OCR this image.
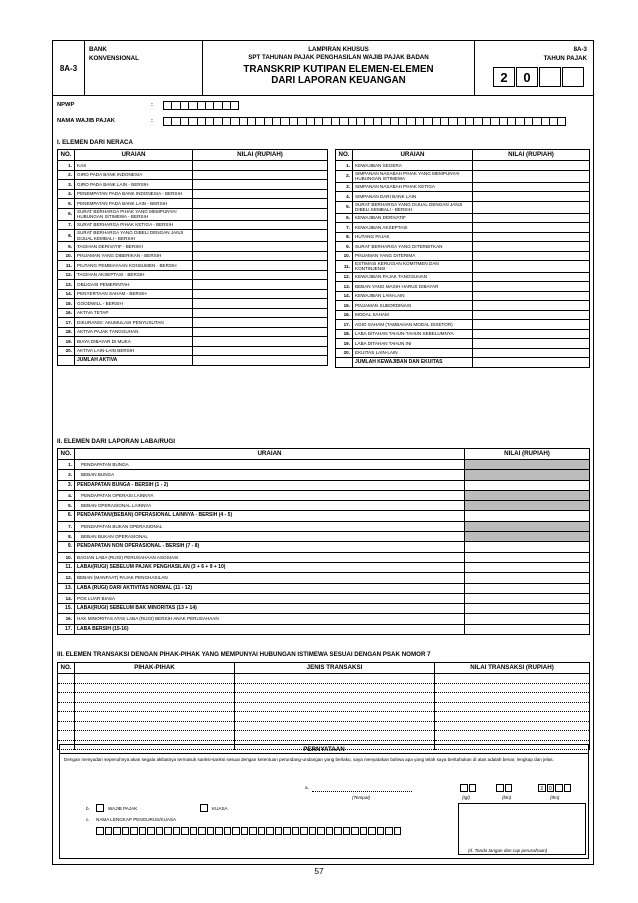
8A-3
BANK
KONVENSIONAL
LAMPIRAN KHUSUS
SPT TAHUNAN PAJAK PENGHASILAN WAJIB PAJAK BADAN
TRANSKRIP KUTIPAN ELEMEN-ELEMEN
DARI LAPORAN KEUANGAN
8A-3
TAHUN PAJAK
2	0
NPWP	:
NAMA WAJIB PAJAK	:
I. ELEMEN DARI NERACA
NO.	URAIAN	NILAI (RUPIAH)
1.	KAS	
2.	GIRO PADA BANK INDONESIA	
3.	GIRO PADA BANK LAIN - BERSIH	
4.	PENEMPATAN PADA BANK INDONESIA - BERSIH	
5.	PENEMPATAN PADA BANK LAIN - BERSIH	
6.	SURAT BERHARGA PIHAK YANG MEMPUNYAI HUBUNGAN ISTIMEWA - BERSIH	
7.	SURAT BERHARGA PIHAK KETIGA - BERSIH	
8.	SURAT BERHARGA YANG DIBELI DENGAN JANJI DIJUAL KEMBALI - BERSIH	
9.	TAGIHAN DERIVATIF - BERSIH	
10.	PINJAMAN YANG DIBERIKAN - BERSIH	
11.	PIUTANG PEMBIAYAAN KONSUMEN - BERSIH	
12.	TAGIHAN AKSEPTASI - BERSIH	
13.	OBLIGASI PEMERINTAH	
14.	PENYERTAAN SAHAM - BERSIH	
15.	GOODWILL - BERSIH	
16.	AKTIVA TETAP	
17.	DIKURANGI: AKUMULASI PENYUSUTAN	
18.	AKTIVA PAJAK TANGGUHAN	
19.	BIAYA DIBAYAR DI MUKA	
20.	AKTIVA LAIN-LAIN BERSIH	
	JUMLAH AKTIVA	
NO.	URAIAN	NILAI (RUPIAH)
1.	KEWAJIBAN SEGERA	
2.	SIMPANAN NASABAH PIHAK YANG MEMPUNYAI HUBUNGAN ISTIMEWA	
3.	SIMPANAN NASABAH PIHAK KETIGA	
4.	SIMPANAN DARI BANK LAIN	
5.	SURAT BERHARGA YANG DIJUAL DENGAN JANJI DIBELI KEMBALI - BERSIH	
6.	KEWAJIBAN DERIVATIF	
7.	KEWAJIBAN AKSEPTASI	
8.	HUTANG PAJAK	
9.	SURAT BERHARGA YANG DITERBITKAN	
10.	PINJAMAN YANG DITERIMA	
11.	ESTIMASI KERUGIAN KOMITMEN DAN KONTINJENSI	
12.	KEWAJIBAN PAJAK TANGGUHAN	
13.	BEBAN YANG MASIH HARUS DIBAYAR	
14.	KEWAJIBAN LAIN-LAIN	
15.	PINJAMAN SUBORDINASI	
16.	MODAL SAHAM	
17.	AGIO SAHAM (TAMBAHAN MODAL DISETOR)	
18.	LABA DITAHAN TAHUN-TAHUN SEBELUMNYA	
19.	LABA DITAHAN TAHUN INI	
20.	EKUITAS LAIN-LAIN	
	JUMLAH KEWAJIBAN DAN EKUITAS	
II. ELEMEN DARI LAPORAN LABA/RUGI
NO.	URAIAN	NILAI (RUPIAH)
1.	PENDAPATAN BUNGA	
2.	BEBAN BUNGA	
3.	PENDAPATAN BUNGA - BERSIH (1 - 2)	
4.	PENDAPATAN OPERASI LAINNYA	
5.	BEBAN OPERASIONAL LAINNYA	
6.	PENDAPATAN/(BEBAN) OPERASIONAL LAINNYA - BERSIH (4 - 5)	
7.	PENDAPATAN BUKAN OPERASIONAL	
8.	BEBAN BUKAN OPERASIONAL	
9.	PENDAPATAN NON OPERASIONAL - BERSIH (7 - 8)	
10.	BAGIAN LABA (RUGI) PERUSAHAAN ASOSIASI	
11.	LABA/(RUGI) SEBELUM PAJAK PENGHASILAN (3 + 6 + 9 + 10)	
12.	BEBAN (MANFAAT) PAJAK PENGHASILAN	
13.	LABA (RUGI) DARI AKTIVITAS NORMAL (11 - 12)	
14.	POS LUAR BIASA	
15.	LABA/(RUGI) SEBELUM BAK MINORITAS (13 + 14)	
16.	HAK MINORITAS ATAS LABA (RUGI) BERSIH ANAK PERUSAHAAN	
17.	LABA BERSIH (15-16)	
III. ELEMEN TRANSAKSI DENGAN PIHAK-PIHAK YANG MEMPUNYAI HUBUNGAN ISTIMEWA SESUAI DENGAN PSAK NOMOR 7
NO.	PIHAK-PIHAK	JENIS TRANSAKSI	NILAI TRANSAKSI (RUPIAH)

PERNYATAAN
Dengan menyadari sepenuhnya akan segala akibatnya termasuk sanksi-sanksi sesuai dengan ketentuan perundang-undangan yang berlaku, saya menyatakan bahwa apa yang telah saya beritahukan di atas adalah benar, lengkap dan jelas.
a.
(Tempat)
2	0
(tgl)	(bln)	(thn)
b.	WAJIB PAJAK	KUASA
c. NAMA LENGKAP PENGURUS/KUASA
(d. Tanda tangan dan cap perusahaan)
57
